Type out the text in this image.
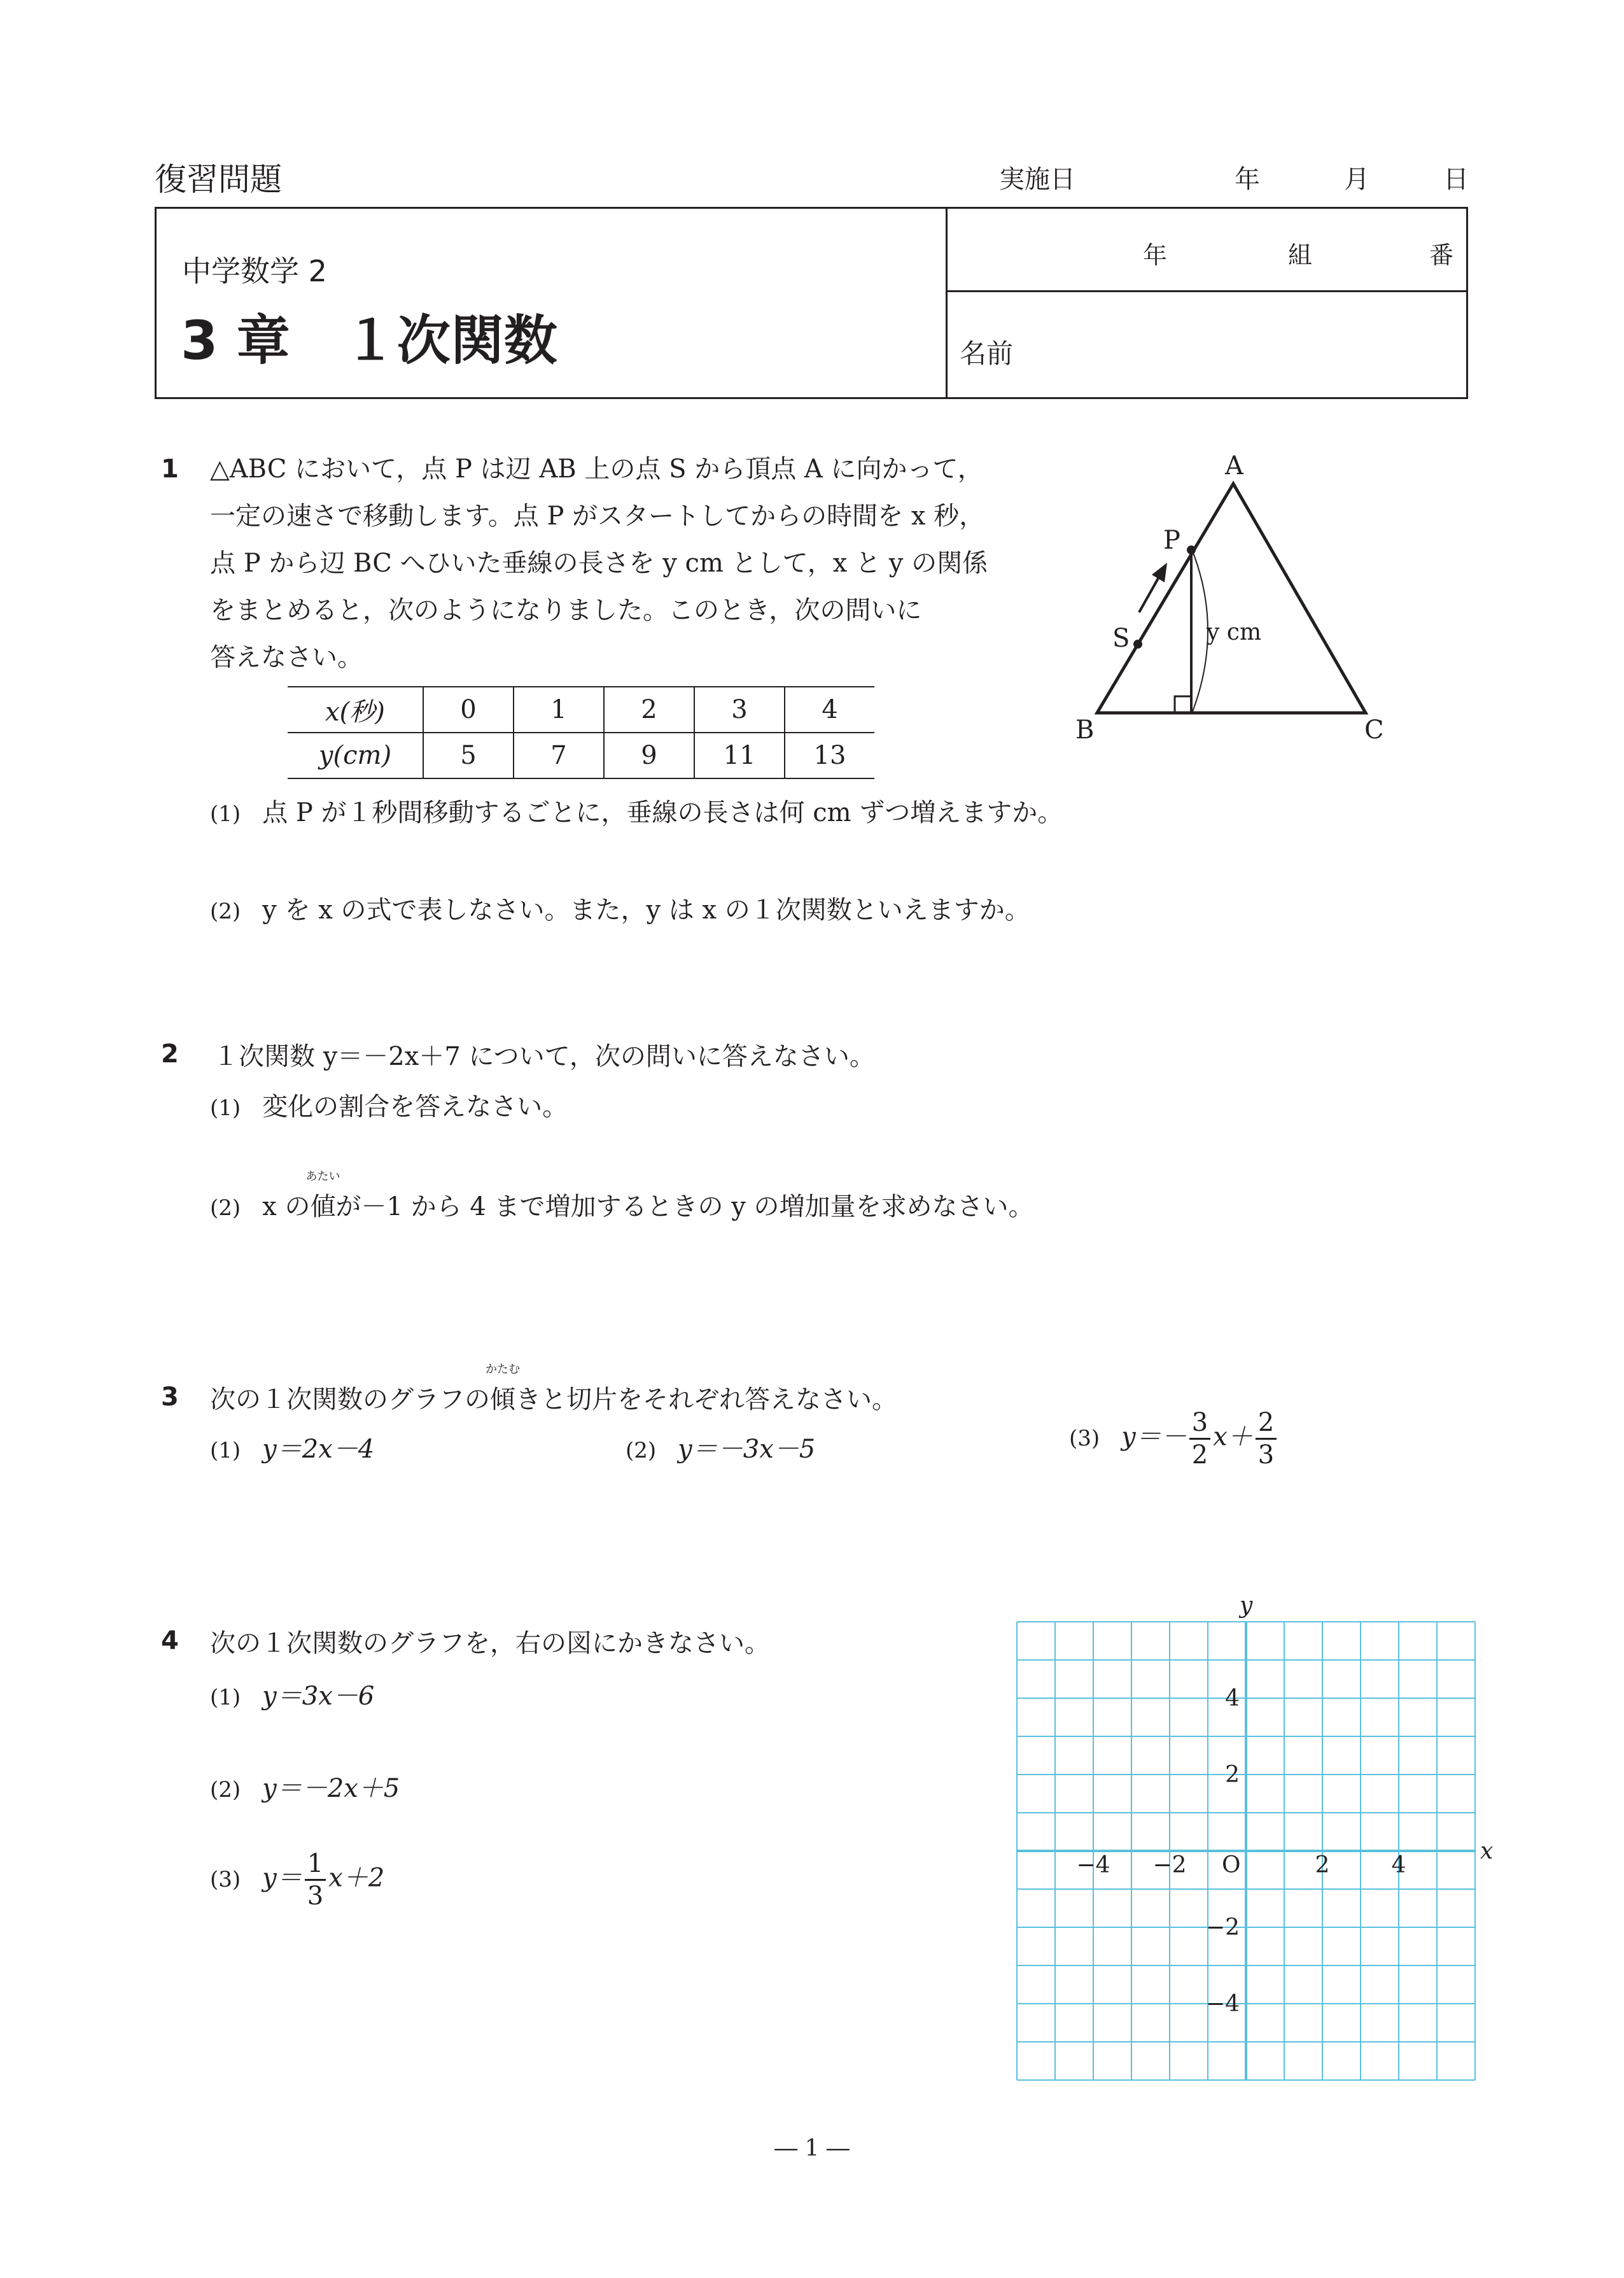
復習問題	実施日	年	月	日
中学数学 2
3 章　１次関数
年	組	番
名前
1 △ABC において，点 P は辺 AB 上の点 S から頂点 A に向かって，
一定の速さで移動します。点 P がスタートしてからの時間を x 秒，
点 P から辺 BC へひいた垂線の長さを y cm として，x と y の関係
をまとめると，次のようになりました。このとき，次の問いに
答えなさい。
x(秒)	0	1	2	3	4
y(cm)	5	7	9	11	13
A
B	C
P
S	y cm
(1) 点 P が１秒間移動するごとに，垂線の長さは何 cm ずつ増えますか。
(2) y を x の式で表しなさい。また，y は x の１次関数といえますか。
2 １次関数 y＝－2x＋7 について，次の問いに答えなさい。
(1) 変化の割合を答えなさい。
(2) x の
あたい
値が－1 から 4 まで増加するときの y の増加量を求めなさい。
3 次の１次関数のグラフの
かたむ
傾きと切片をそれぞれ答えなさい。
(1) y＝2x－4	(2) y＝－3x－5	(3) $y=- \frac{3}{2} x+ \frac{2}{3}$
4 次の１次関数のグラフを，右の図にかきなさい。
(1) y＝3x－6
(2) y＝－2x＋5
(3) $y= \frac{1}{3} x+2$	O
x
y
−4 −2	2	4
4
2
−2
−4
― 1 ―
